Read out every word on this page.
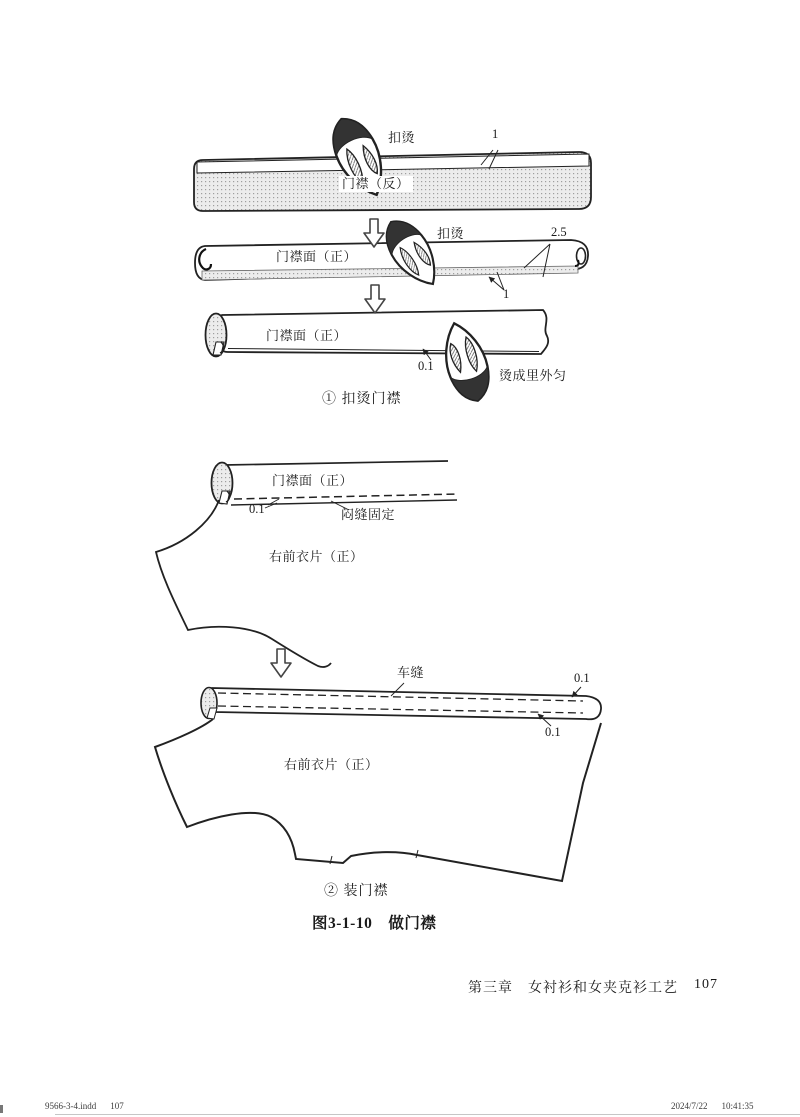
扣烫	1
门襟（反）
扣烫	2.5
门襟面（正）
1
门襟面（正）
0.1
烫成里外匀
① 扣烫门襟
门襟面（正）
0.1	闷缝固定
右前衣片（正）
车缝	0.1
0.1
右前衣片（正）
② 装门襟
图3-1-10　做门襟
第三章　女衬衫和女夹克衫工艺 107
9566-3-4.indd 107	2024/7/22 10:41:35
